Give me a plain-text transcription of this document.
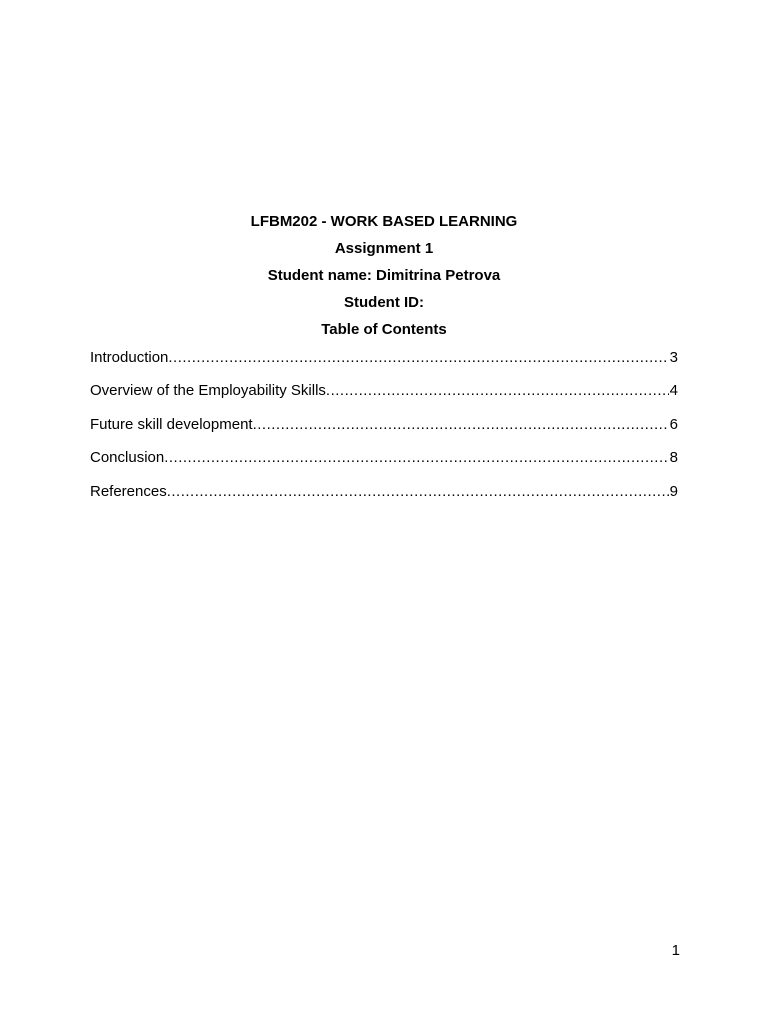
LFBM202 - WORK BASED LEARNING
Assignment 1
Student name: Dimitrina Petrova
Student ID:
Table of Contents
Introduction .....	3
Overview of the Employability Skills .....	4
Future skill development .....	6
Conclusion .....	8
References .....	9
1
